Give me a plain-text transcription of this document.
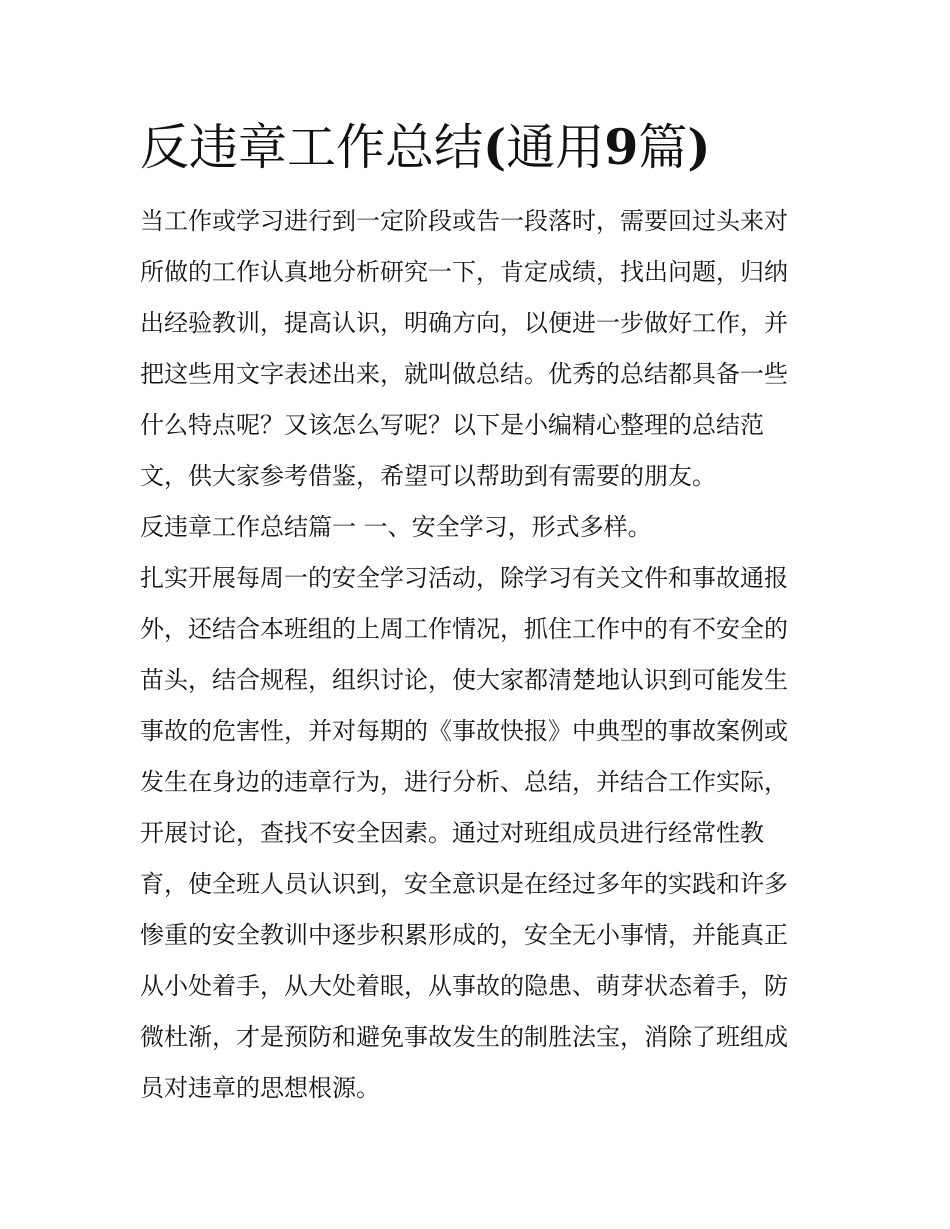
反违章工作总结(通用9篇)

当工作或学习进行到一定阶段或告一段落时，需要回过头来对
所做的工作认真地分析研究一下，肯定成绩，找出问题，归纳
出经验教训，提高认识，明确方向，以便进一步做好工作，并
把这些用文字表述出来，就叫做总结。优秀的总结都具备一些
什么特点呢？又该怎么写呢？以下是小编精心整理的总结范
文，供大家参考借鉴，希望可以帮助到有需要的朋友。

反违章工作总结篇一 一、安全学习，形式多样。

扎实开展每周一的安全学习活动，除学习有关文件和事故通报
外，还结合本班组的上周工作情况，抓住工作中的有不安全的
苗头，结合规程，组织讨论，使大家都清楚地认识到可能发生
事故的危害性，并对每期的《事故快报》中典型的事故案例或
发生在身边的违章行为，进行分析、总结，并结合工作实际，
开展讨论，查找不安全因素。通过对班组成员进行经常性教
育，使全班人员认识到，安全意识是在经过多年的实践和许多
惨重的安全教训中逐步积累形成的，安全无小事情，并能真正
从小处着手，从大处着眼，从事故的隐患、萌芽状态着手，防
微杜渐，才是预防和避免事故发生的制胜法宝，消除了班组成
员对违章的思想根源。
